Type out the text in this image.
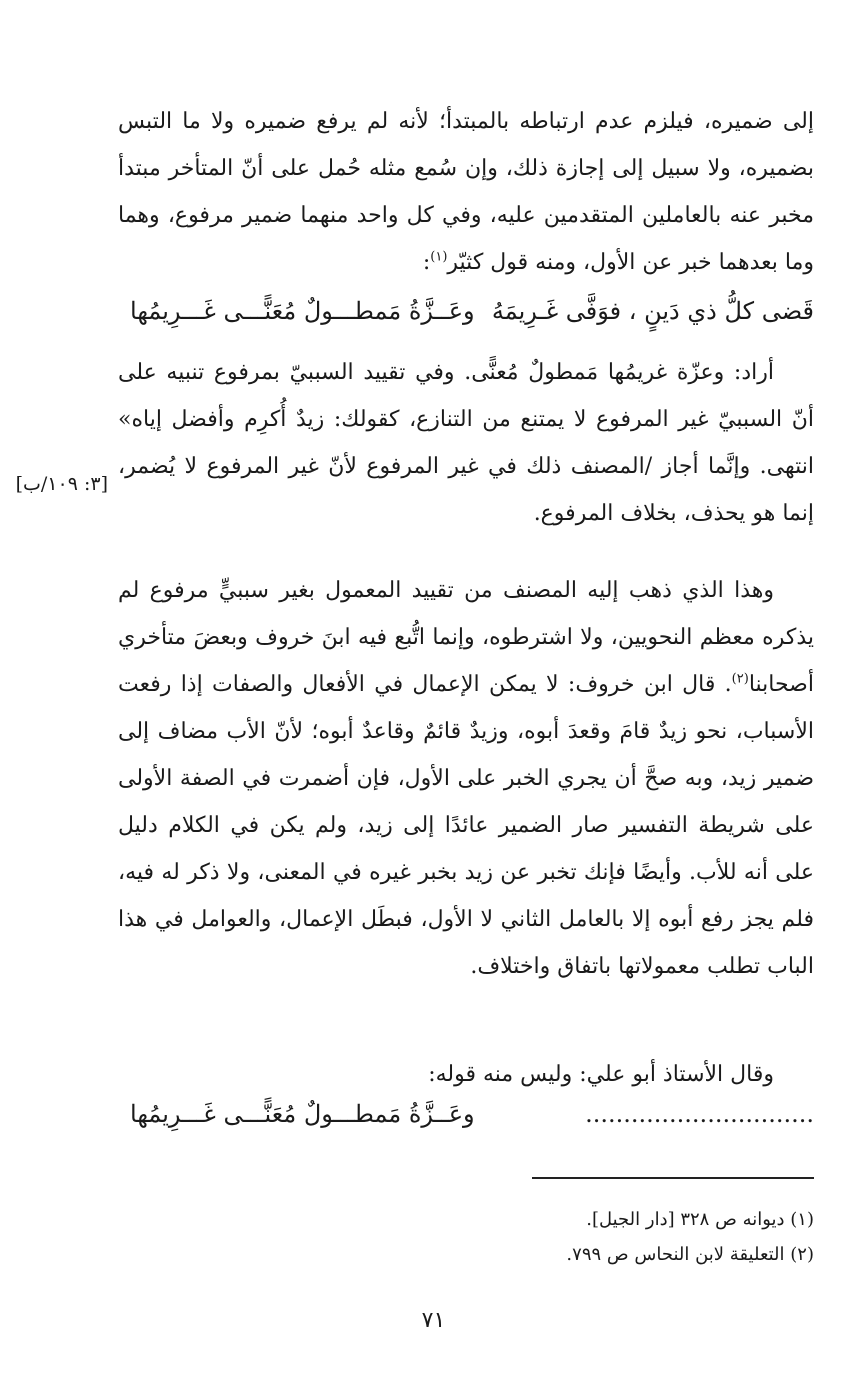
إلى ضميره، فيلزم عدم ارتباطه بالمبتدأ؛ لأنه لم يرفع ضميره ولا ما التبس بضميره، ولا سبيل إلى إجازة ذلك، وإن سُمع مثله حُمل على أنّ المتأخر مبتدأ مخبر عنه بالعاملين المتقدمين عليه، وفي كل واحد منهما ضمير مرفوع، وهما وما بعدهما خبر عن الأول، ومنه قول كثيّر$^{(١)}$:

قَضى كلُّ ذي دَينٍ ، فوَفَّى غَـرِيمَهُ
وعَــزَّةُ مَمطـــولٌ مُعَنًّـــى غَـــرِيمُها

أراد: وعزّة غريمُها مَمطولٌ مُعنًّى. وفي تقييد السببيّ بمرفوع تنبيه على أنّ السببيّ غير المرفوع لا يمتنع من التنازع، كقولك: زيدٌ أُكرِم وأفضل إياه» انتهى. وإنَّما أجاز /المصنف ذلك في غير المرفوع لأنّ غير المرفوع لا يُضمر، إنما هو يحذف، بخلاف المرفوع.

[٣: ١٠٩/ب]

وهذا الذي ذهب إليه المصنف من تقييد المعمول بغير سببيٍّ مرفوع لم يذكره معظم النحويين، ولا اشترطوه، وإنما اتُّبع فيه ابنَ خروف وبعضَ متأخري أصحابنا$^{(٢)}$. قال ابن خروف: لا يمكن الإعمال في الأفعال والصفات إذا رفعت الأسباب، نحو زيدٌ قامَ وقعدَ أبوه، وزيدٌ قائمٌ وقاعدٌ أبوه؛ لأنّ الأب مضاف إلى ضمير زيد، وبه صحَّ أن يجري الخبر على الأول، فإن أضمرت في الصفة الأولى على شريطة التفسير صار الضمير عائدًا إلى زيد، ولم يكن في الكلام دليل على أنه للأب. وأيضًا فإنك تخبر عن زيد بخبر غيره في المعنى، ولا ذكر له فيه، فلم يجز رفع أبوه إلا بالعامل الثاني لا الأول، فبطَل الإعمال، والعوامل في هذا الباب تطلب معمولاتها باتفاق واختلاف.

وقال الأستاذ أبو علي: وليس منه قوله:

..............................
وعَــزَّةُ مَمطـــولٌ مُعَنًّـــى غَـــرِيمُها
(١) ديوانه ص ٣٢٨ [دار الجيل].
(٢) التعليقة لابن النحاس ص ٧٩٩.
٧١
